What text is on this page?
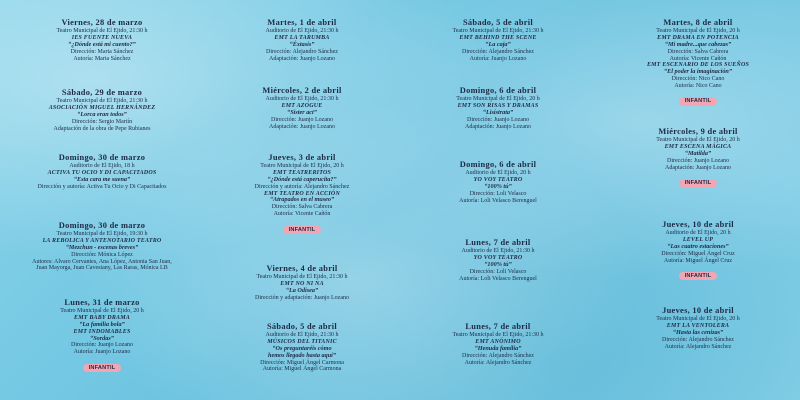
Viernes, 28 de marzo
Teatro Municipal de El Ejido, 21:30 h
IES FUENTE NUEVA
“¿Dónde está mi cuento?”
Dirección: Marta Sánchez
Autoría: Marta Sánchez
Sábado, 29 de marzo
Teatro Municipal de El Ejido, 21:30 h
ASOCIACIÓN MIGUEL HERNÁNDEZ
“Lorca eran todos”
Dirección: Sergio Martín
Adaptación de la obra de Pepe Rubianes
Domingo, 30 de marzo
Auditorio de El Ejido, 18 h
ACTIVA TU OCIO Y DI CAPACITADOS
“Esta cara me suena”
Dirección y autoría: Activa Tu Ocio y Di Capacitados
Domingo, 30 de marzo
Teatro Municipal de El Ejido, 19:30 h
LA REBOLICA Y ANTENOTARIO TEATRO
“Mezchun - escenas breves”
Dirección: Mónica López
Autores: Alvaro Cervantes, Ana López, Antonia San Juan,
Juan Mayorga, Juan Cavestany, Las Raras, Mónica LB
Lunes, 31 de marzo
Teatro Municipal de El Ejido, 20 h
EMT BABY DRAMA
“La familia bola”
EMT INDOMABLES
“Sordas”
Dirección: Juanjo Lozano
Autoría: Juanjo Lozano
INFANTIL
Martes, 1 de abril
Auditorio de El Ejido, 21:30 h
EMT LA TARUMBA
“Éxtasis”
Dirección: Alejandro Sánchez
Adaptación: Juanjo Lozano
Miércoles, 2 de abril
Auditorio de El Ejido, 21:30 h
EMT AZOGUE
“Sister act”
Dirección: Juanjo Lozano
Adaptación: Juanjo Lozano
Jueves, 3 de abril
Teatro Municipal de El Ejido, 20 h
EMT TEATRERITOS
“¿Dónde está caperucita?”
Dirección y autoría: Alejandro Sánchez
EMT TEATRO EN ACCIÓN
“Atrapados en el museo”
Dirección: Salva Cabrera
Autoría: Vicente Cañón
INFANTIL
Viernes, 4 de abril
Teatro Municipal de El Ejido, 21:30 h
EMT NO NI NA
“La Odisea”
Dirección y adaptación: Juanjo Lozano
Sábado, 5 de abril
Auditorio de El Ejido, 21:30 h
MÚSICOS DEL TITANIC
“Os preguntaréis cómo
hemos llegado hasta aquí”
Dirección: Miguel Ángel Carmona
Autoría: Miguel Ángel Carmona
Sábado, 5 de abril
Teatro Municipal de El Ejido, 21:30 h
EMT BEHIND THE SCENE
“La caja”
Dirección: Alejandro Sánchez
Autoría: Juanjo Lozano
Domingo, 6 de abril
Teatro Municipal de El Ejido, 20 h
EMT SON RISAS Y DRAMAS
“Lisístrata”
Dirección: Juanjo Lozano
Adaptación: Juanjo Lozano
Domingo, 6 de abril
Auditorio de El Ejido, 20 h
YO VOY TEATRO
“100% tú”
Dirección: Loli Velasco
Autoría: Loli Velasco Berenguel
Lunes, 7 de abril
Auditorio de El Ejido, 21:30 h
YO VOY TEATRO
“100% tú”
Dirección: Loli Velasco
Autoría: Loli Velasco Berenguel
Lunes, 7 de abril
Teatro Municipal de El Ejido, 21:30 h
EMT ANÓNIMO
“Henuda familia”
Dirección: Alejandro Sánchez
Autoría: Alejandro Sánchez
Martes, 8 de abril
Teatro Municipal de El Ejido, 20 h
EMT DRAMA EN POTENCIA
“Mi madre...que cabezas”
Dirección: Salva Cabrera
Autoría: Vicente Cañón
EMT ESCENARIO DE LOS SUEÑOS
“El poder la imaginación”
Dirección: Nico Cano
Autoría: Nico Cano
INFANTIL
Miércoles, 9 de abril
Teatro Municipal de El Ejido, 20 h
EMT ESCENA MÁGICA
“Matilda”
Dirección: Juanjo Lozano
Adaptación: Juanjo Lozano
INFANTIL
Jueves, 10 de abril
Auditorio de El Ejido, 20 h
LEVEL UP
“Las cuatro estaciones”
Dirección: Miguel Ángel Cruz
Autoría: Miguel Ángel Cruz
INFANTIL
Jueves, 10 de abril
Teatro Municipal de El Ejido, 20 h
EMT LA VENTOLERA
“Hasta las cenizas”
Dirección: Alejandro Sánchez
Autoría: Alejandro Sánchez
